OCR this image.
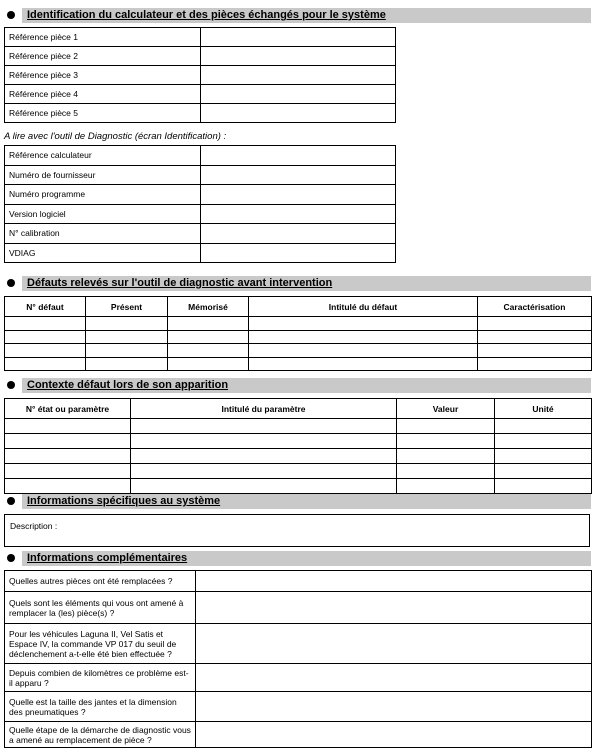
Identification du calculateur et des pièces échangés pour le système
Référence pièce 1	
Référence pièce 2	
Référence pièce 3	
Référence pièce 4	
Référence pièce 5	
A lire avec l'outil de Diagnostic (écran Identification) :
Référence calculateur	
Numéro de fournisseur	
Numéro programme	
Version logiciel	
N° calibration	
VDIAG	
Défauts relevés sur l'outil de diagnostic avant intervention
N° défaut	Présent	Mémorisé	Intitulé du défaut	Caractérisation

Contexte défaut lors de son apparition
N° état ou paramètre	Intitulé du paramètre	Valeur	Unité

Informations spécifiques au système
Description :
Informations complémentaires
Quelles autres pièces ont été remplacées ?	
Quels sont les éléments qui vous ont amené à remplacer la (les) pièce(s) ?	
Pour les véhicules Laguna II, Vel Satis et Espace IV, la commande VP 017 du seuil de déclenchement a-t-elle été bien effectuée ?	
Depuis combien de kilomètres ce problème est-il apparu ?	
Quelle est la taille des jantes et la dimension des pneumatiques ?	
Quelle étape de la démarche de diagnostic vous a amené au remplacement de pièce ?	
